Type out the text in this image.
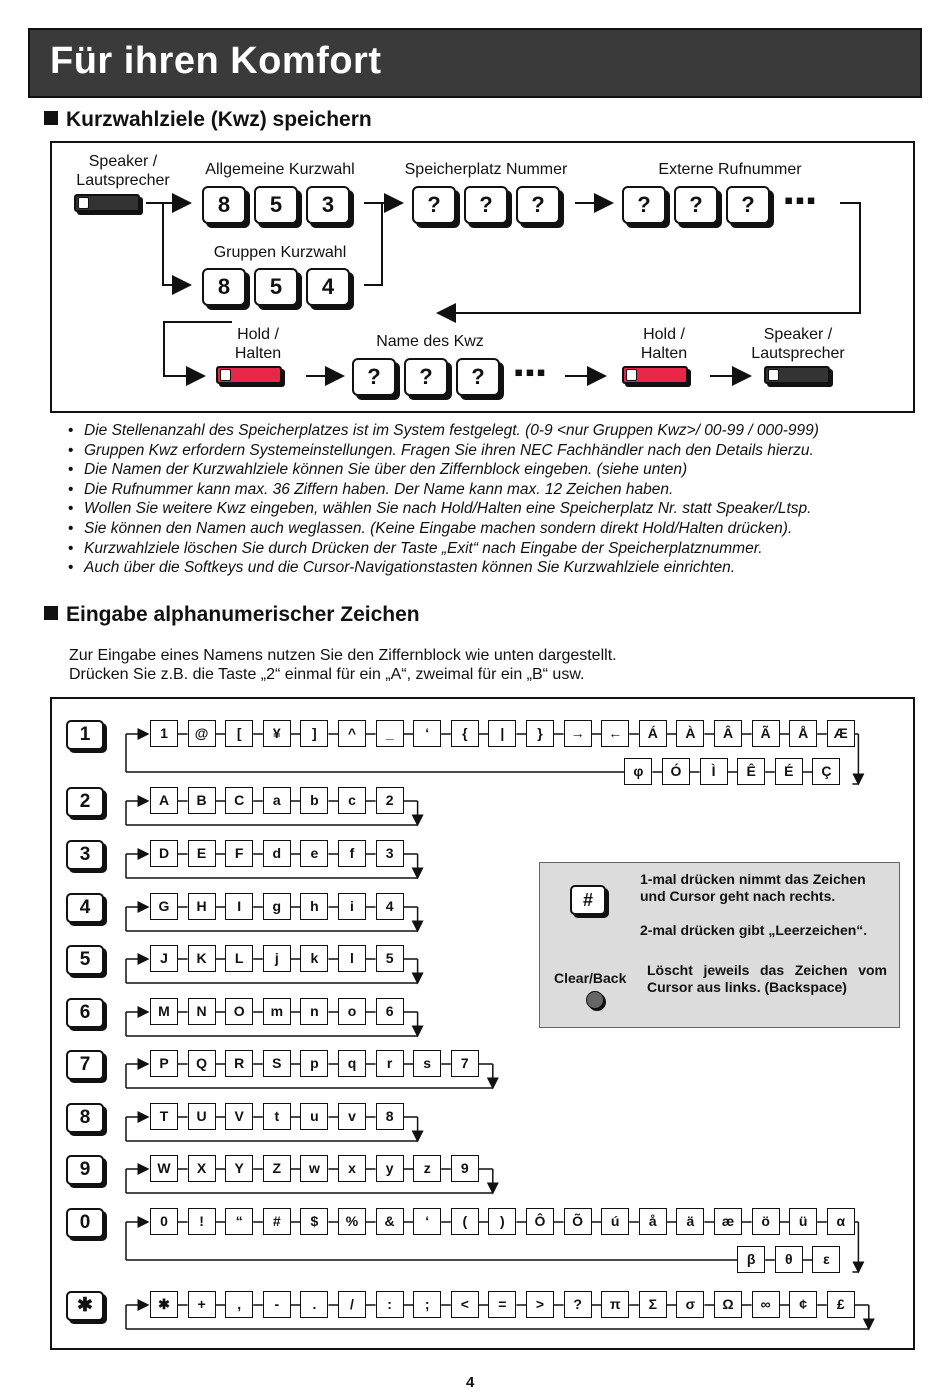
Für ihren Komfort
Kurzwahlziele (Kwz) speichern
Speaker /
Lautsprecher
Allgemeine Kurzwahl	Speicherplatz Nummer	Externe Rufnummer
Gruppen Kurzwahl
Hold /
Halten
Name des Kwz	Hold /
Halten
Speaker /
Lautsprecher
8	5	3
8	5	4
?	?	?	?	?	?	▪▪▪
?	?	?	▪▪▪
• Die Stellenanzahl des Speicherplatzes ist im System festgelegt. (0-9 <nur Gruppen Kwz>/ 00-99 / 000-999)
• Gruppen Kwz erfordern Systemeinstellungen. Fragen Sie ihren NEC Fachhändler nach den Details hierzu.
• Die Namen der Kurzwahlziele können Sie über den Ziffernblock eingeben. (siehe unten)
• Die Rufnummer kann max. 36 Ziffern haben. Der Name kann max. 12 Zeichen haben.
• Wollen Sie weitere Kwz eingeben, wählen Sie nach Hold/Halten eine Speicherplatz Nr. statt Speaker/Ltsp.
• Sie können den Namen auch weglassen. (Keine Eingabe machen sondern direkt Hold/Halten drücken).
• Kurzwahlziele löschen Sie durch Drücken der Taste „Exit“ nach Eingabe der Speicherplatznummer.
• Auch über die Softkeys und die Cursor-Navigationstasten können Sie Kurzwahlziele einrichten.
Eingabe alphanumerischer Zeichen
Zur Eingabe eines Namens nutzen Sie den Ziffernblock wie unten dargestellt.
Drücken Sie z.B. die Taste „2“ einmal für ein „A“, zweimal für ein „B“ usw.
1	1	@	[	¥	]	^	_	‘	{	|	}	→	←	Á	À	Â	Ã	Å	Æ
φ	Ó	Ì	Ê	É	Ç
2	A	B	C	a	b	c	2
3	D	E	F	d	e	f	3
4	G	H	I	g	h	i	4
5	J	K	L	j	k	l	5
6	M	N	O	m	n	o	6
7	P	Q	R	S	p	q	r	s	7
8	T	U	V	t	u	v	8
9	W	X	Y	Z	w	x	y	z	9
0	0	!	“	#	$	%	&	‘	(	)	Ô	Õ	ú	å	ä	æ	ö	ü	α
β	θ	ε
✱	✱	+	,	-	.	/	:	;	<	=	>	?	π	Σ	σ	Ω	∞	¢	£
#
1-mal drücken nimmt das Zeichen und Cursor geht nach rechts.
2-mal drücken gibt „Leerzeichen“.
Clear/Back Löscht jeweils das Zeichen vom Cursor aus links. (Backspace)
4
